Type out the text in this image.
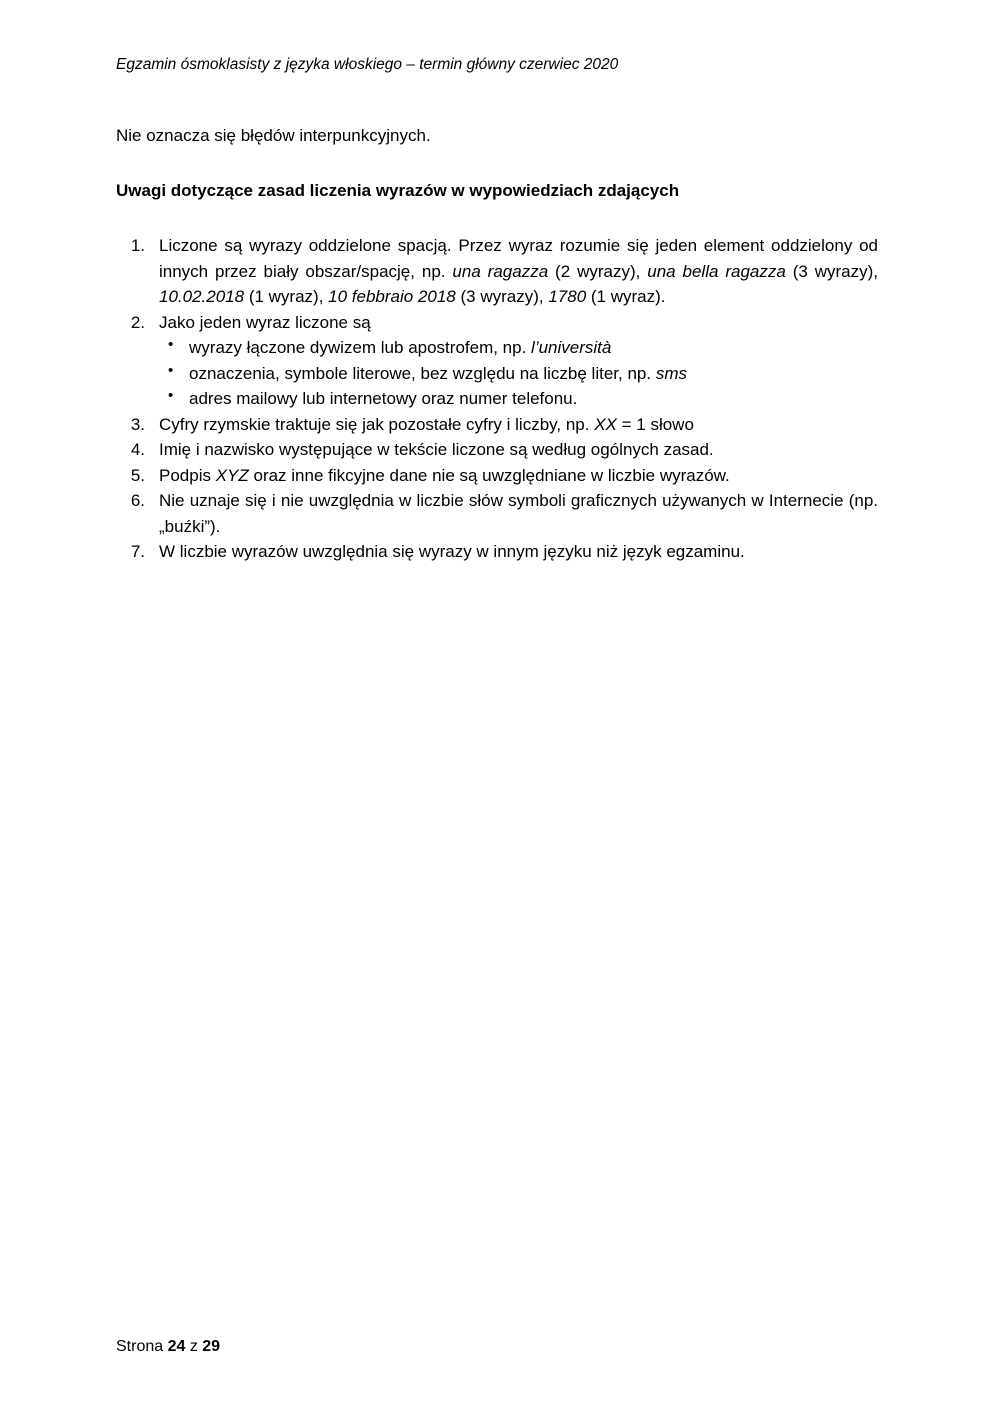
Egzamin ósmoklasisty z języka włoskiego – termin główny czerwiec 2020

Nie oznacza się błędów interpunkcyjnych.

Uwagi dotyczące zasad liczenia wyrazów w wypowiedziach zdających

1. Liczone są wyrazy oddzielone spacją. Przez wyraz rozumie się jeden element oddzielony od innych przez biały obszar/spację, np. una ragazza (2 wyrazy), una bella ragazza (3 wyrazy), 10.02.2018 (1 wyraz), 10 febbraio 2018 (3 wyrazy), 1780 (1 wyraz).
2. Jako jeden wyraz liczone są
• wyrazy łączone dywizem lub apostrofem, np. l’università
• oznaczenia, symbole literowe, bez względu na liczbę liter, np. sms
• adres mailowy lub internetowy oraz numer telefonu.
3. Cyfry rzymskie traktuje się jak pozostałe cyfry i liczby, np. XX = 1 słowo
4. Imię i nazwisko występujące w tekście liczone są według ogólnych zasad.
5. Podpis XYZ oraz inne fikcyjne dane nie są uwzględniane w liczbie wyrazów.
6. Nie uznaje się i nie uwzględnia w liczbie słów symboli graficznych używanych w Internecie (np. „buźki”).
7. W liczbie wyrazów uwzględnia się wyrazy w innym języku niż język egzaminu.
Strona 24 z 29
